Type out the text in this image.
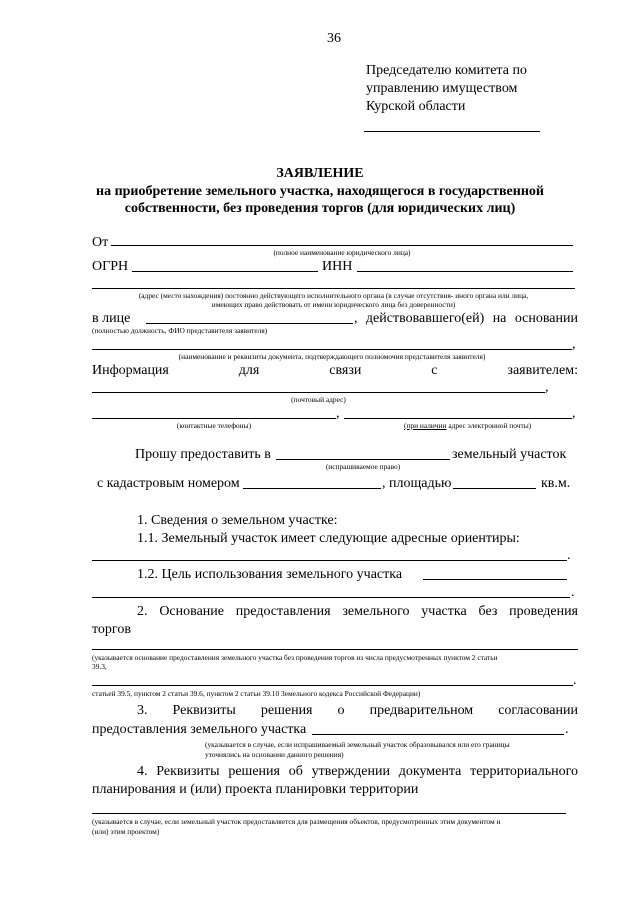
36
Председателю комитета по
управлению имуществом
Курской области
ЗАЯВЛЕНИЕ
на приобретение земельного участка, находящегося в государственной
собственности, без проведения торгов (для юридических лиц)
От
(полное наименование юридического лица)
ОГРН	ИНН
(адрес (место нахождения) постоянно действующего исполнительного органа (в случае отсутствия- иного органа или лица,
имеющих право действовать от имени юридического лица без доверенности)
в лице	, действовавшего(ей) на основании
(полностью должность, ФИО представителя заявителя)
,
(наименование и реквизиты документа, подтверждающего полномочия представителя заявителя)
Информация для связи с заявителем:
,
(почтовый адрес)
,	,
(контактные телефоны)	(при наличии адрес электронной почты)
Прошу предоставить в	земельный участок
(испрашиваемое право)
с кадастровым номером	, площадью	кв.м.
1. Сведения о земельном участке:
1.1. Земельный участок имеет следующие адресные ориентиры:
.
1.2. Цель использования земельного участка
.
2. Основание предоставления земельного участка без проведения
торгов
(указывается основание предоставления земельного участка без проведения торгов из числа предусмотренных пунктом 2 статьи
39.3,
.
статьей 39.5, пунктом 2 статьи 39.6, пунктом 2 статьи 39.10 Земельного кодекса Российской Федерации)
3. Реквизиты решения о предварительном согласовании
предоставления земельного участка	.
(указывается в случае, если испрашиваемый земельный участок образовывался или его границы
уточнялись на основании данного решения)
4. Реквизиты решения об утверждении документа территориального
планирования и (или) проекта планировки территории
(указывается в случае, если земельный участок предоставляется для размещения объектов, предусмотренных этим документом и
(или) этим проектом)
